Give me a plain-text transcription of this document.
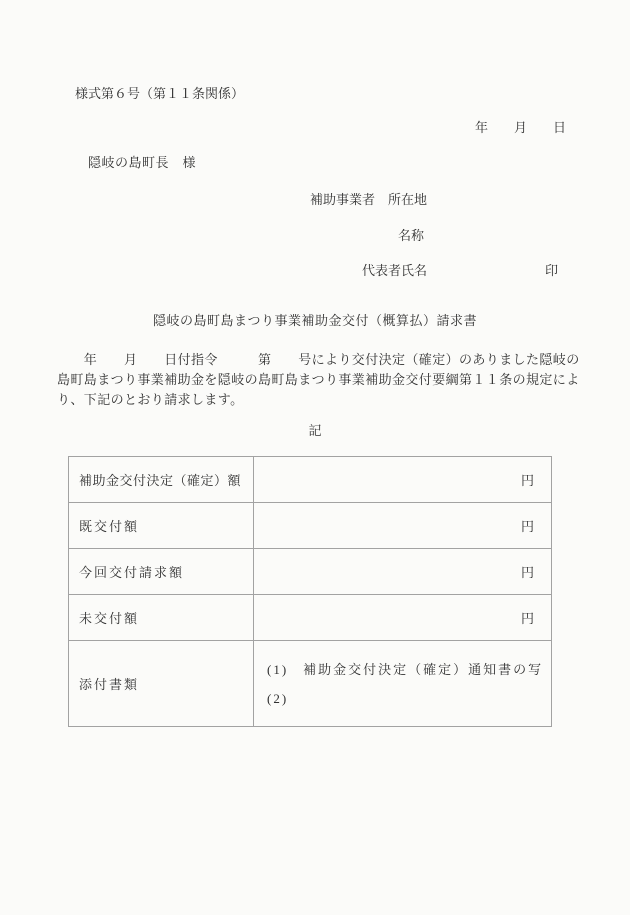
様式第６号（第１１条関係）
年　　月　　日
隠岐の島町長　様
補助事業者　所在地
名称
代表者氏名	印
隠岐の島町島まつり事業補助金交付（概算払）請求書
　　年　　月　　日付指令　　　第　　号により交付決定（確定）のありました隠岐の
島町島まつり事業補助金を隠岐の島町島まつり事業補助金交付要綱第１１条の規定によ
り、下記のとおり請求します。
記
補助金交付決定（確定）額	円
既交付額	円
今回交付請求額	円
未交付額	円
添付書類	(1)　補助金交付決定（確定）通知書の写
(2)
